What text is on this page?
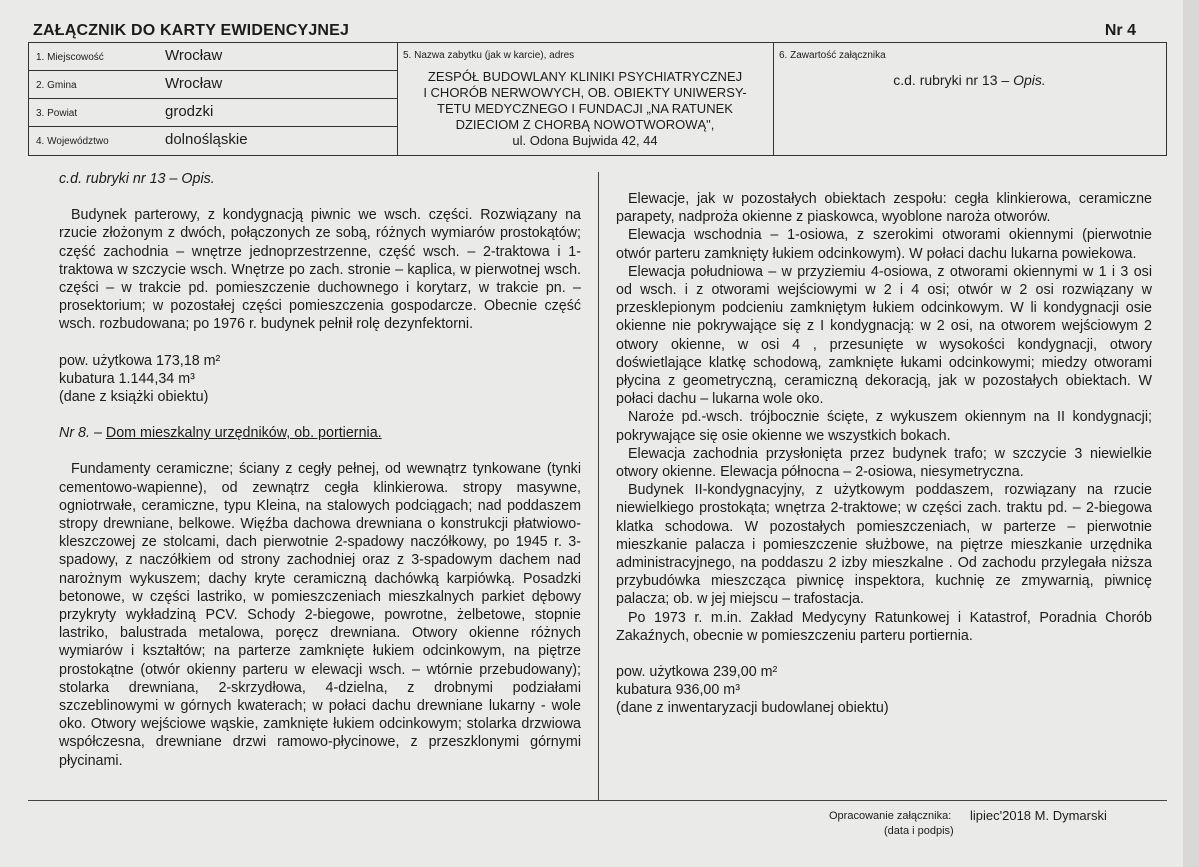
ZAŁĄCZNIK DO KARTY EWIDENCYJNEJ	Nr 4
1. Miejscowość	Wrocław
2. Gmina	Wrocław
3. Powiat	grodzki
4. Województwo	dolnośląskie
5. Nazwa zabytku (jak w karcie), adres
ZESPÓŁ BUDOWLANY KLINIKI PSYCHIATRYCZNEJ
I CHORÓB NERWOWYCH, OB. OBIEKTY UNIWERSY-
TETU MEDYCZNEGO I FUNDACJI „NA RATUNEK
DZIECIOM Z CHORBĄ NOWOTWOROWĄ",
ul. Odona Bujwida 42, 44
6. Zawartość załącznika
c.d. rubryki nr 13 – Opis.

c.d. rubryki nr 13 – Opis.

Budynek parterowy, z kondygnacją piwnic we wsch. części. Rozwiązany na rzucie złożonym z dwóch, połączonych ze sobą, różnych wymiarów prostokątów; część zachodnia – wnętrze jednoprzestrzenne, część wsch. – 2-traktowa i 1-traktowa w szczycie wsch. Wnętrze po zach. stronie – kaplica, w pierwotnej wsch. części – w trakcie pd. pomieszczenie duchownego i korytarz, w trakcie pn. – prosektorium; w pozostałej części pomieszczenia gospodarcze. Obecnie część wsch. rozbudowana; po 1976 r. budynek pełnił rolę dezynfektorni.

pow. użytkowa 173,18 m²

kubatura 1.144,34 m³

(dane z książki obiektu)

Nr 8. – Dom mieszkalny urzędników, ob. portiernia.

Fundamenty ceramiczne; ściany z cegły pełnej, od wewnątrz tynkowane (tynki cementowo-wapienne), od zewnątrz cegła klinkierowa. stropy masywne, ogniotrwałe, ceramiczne, typu Kleina, na stalowych podciągach; nad poddaszem stropy drewniane, belkowe. Więźba dachowa drewniana o konstrukcji płatwiowo-kleszczowej ze stolcami, dach pierwotnie 2-spadowy naczółkowy, po 1945 r. 3-spadowy, z naczółkiem od strony zachodniej oraz z 3-spadowym dachem nad narożnym wykuszem; dachy kryte ceramiczną dachówką karpiówką. Posadzki betonowe, w części lastriko, w pomieszczeniach mieszkalnych parkiet dębowy przykryty wykładziną PCV. Schody 2-biegowe, powrotne, żelbetowe, stopnie lastriko, balustrada metalowa, poręcz drewniana. Otwory okienne różnych wymiarów i kształtów; na parterze zamknięte łukiem odcinkowym, na piętrze prostokątne (otwór okienny parteru w elewacji wsch. – wtórnie przebudowany); stolarka drewniana, 2-skrzydłowa, 4-dzielna, z drobnymi podziałami szczeblinowymi w górnych kwaterach; w połaci dachu drewniane lukarny - wole oko. Otwory wejściowe wąskie, zamknięte łukiem odcinkowym; stolarka drzwiowa współczesna, drewniane drzwi ramowo-płycinowe, z przeszklonymi górnymi płycinami.

Elewacje, jak w pozostałych obiektach zespołu: cegła klinkierowa, ceramiczne parapety, nadproża okienne z piaskowca, wyoblone naroża otworów.

Elewacja wschodnia – 1-osiowa, z szerokimi otworami okiennymi (pierwotnie otwór parteru zamknięty łukiem odcinkowym). W połaci dachu lukarna powiekowa.

Elewacja południowa – w przyziemiu 4-osiowa, z otworami okiennymi w 1 i 3 osi od wsch. i z otworami wejściowymi w 2 i 4 osi; otwór w 2 osi rozwiązany w przesklepionym podcieniu zamkniętym łukiem odcinkowym. W li kondygnacji osie okienne nie pokrywające się z I kondygnacją: w 2 osi, na otworem wejściowym 2 otwory okienne, w osi 4 , przesunięte w wysokości kondygnacji, otwory doświetlające klatkę schodową, zamknięte łukami odcinkowymi; miedzy otworami płycina z geometryczną, ceramiczną dekoracją, jak w pozostałych obiektach. W połaci dachu – lukarna wole oko.

Naroże pd.-wsch. trójbocznie ścięte, z wykuszem okiennym na II kondygnacji; pokrywające się osie okienne we wszystkich bokach.

Elewacja zachodnia przysłonięta przez budynek trafo; w szczycie 3 niewielkie otwory okienne. Elewacja północna – 2-osiowa, niesymetryczna.

Budynek II-kondygnacyjny, z użytkowym poddaszem, rozwiązany na rzucie niewielkiego prostokąta; wnętrza 2-traktowe; w części zach. traktu pd. – 2-biegowa klatka schodowa. W pozostałych pomieszczeniach, w parterze – pierwotnie mieszkanie palacza i pomieszczenie służbowe, na piętrze mieszkanie urzędnika administracyjnego, na poddaszu 2 izby mieszkalne . Od zachodu przylegała niższa przybudówka mieszcząca piwnicę inspektora, kuchnię ze zmywarnią, piwnicę palacza; ob. w jej miejscu – trafostacja.

Po 1973 r. m.in. Zakład Medycyny Ratunkowej i Katastrof, Poradnia Chorób Zakaźnych, obecnie w pomieszczeniu parteru portiernia.

pow. użytkowa 239,00 m²

kubatura 936,00 m³

(dane z inwentaryzacji budowlanej obiektu)

Opracowanie załącznika: lipiec'2018 M. Dymarski
(data i podpis)
